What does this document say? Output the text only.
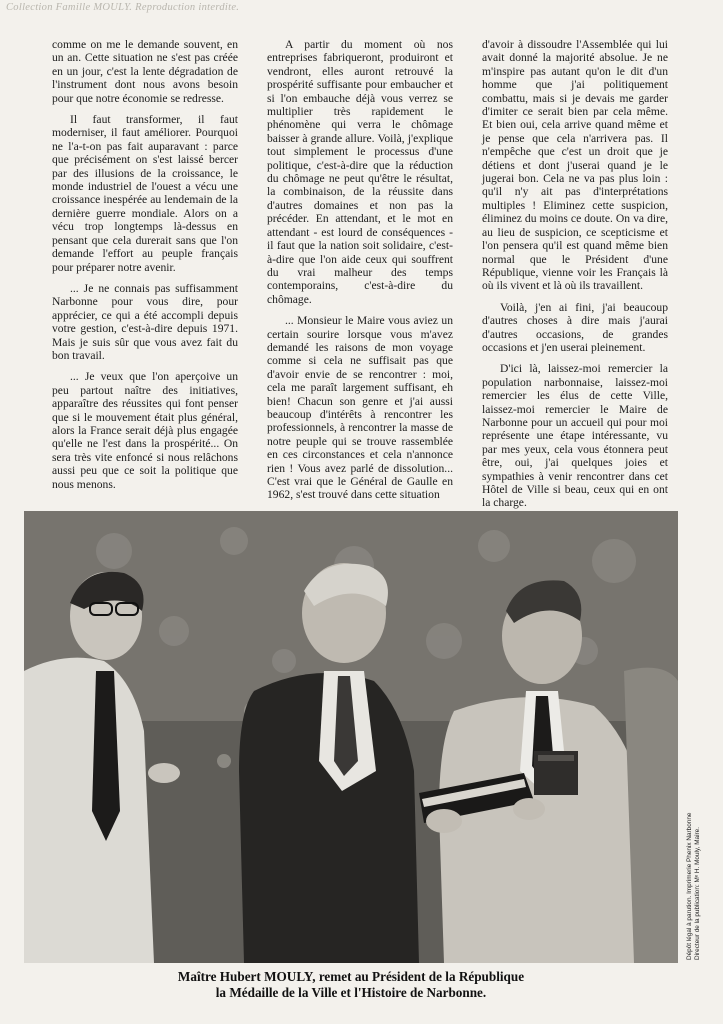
Collection Famille MOULY. Reproduction interdite.

comme on me le demande souvent, en un an. Cette situation ne s'est pas créée en un jour, c'est la lente dégradation de l'instrument dont nous avons besoin pour que notre économie se redresse.

Il faut transformer, il faut moderniser, il faut améliorer. Pourquoi ne l'a-t-on pas fait auparavant : parce que précisément on s'est laissé bercer par des illusions de la croissance, le monde industriel de l'ouest a vécu une croissance inespérée au lendemain de la dernière guerre mondiale. Alors on a vécu trop longtemps là-dessus en pensant que cela durerait sans que l'on demande l'effort au peuple français pour préparer notre avenir.

... Je ne connais pas suffisamment Narbonne pour vous dire, pour apprécier, ce qui a été accompli depuis votre gestion, c'est-à-dire depuis 1971. Mais je suis sûr que vous avez fait du bon travail.

... Je veux que l'on aperçoive un peu partout naître des initiatives, apparaître des réussites qui font penser que si le mouvement était plus général, alors la France serait déjà plus engagée qu'elle ne l'est dans la prospérité... On sera très vite enfoncé si nous relâchons aussi peu que ce soit la politique que nous menons.

A partir du moment où nos entreprises fabriqueront, produiront et vendront, elles auront retrouvé la prospérité suffisante pour embaucher et si l'on embauche déjà vous verrez se multiplier très rapidement le phénomène qui verra le chômage baisser à grande allure. Voilà, j'explique tout simplement le processus d'une politique, c'est-à-dire que la réduction du chômage ne peut qu'être le résultat, la combinaison, de la réussite dans d'autres domaines et non pas la précéder. En attendant, et le mot en attendant - est lourd de conséquences - il faut que la nation soit solidaire, c'est-à-dire que l'on aide ceux qui souffrent du vrai malheur des temps contemporains, c'est-à-dire du chômage.

... Monsieur le Maire vous aviez un certain sourire lorsque vous m'avez demandé les raisons de mon voyage comme si cela ne suffisait pas que d'avoir envie de se rencontrer : moi, cela me paraît largement suffisant, eh bien! Chacun son genre et j'ai aussi beaucoup d'intérêts à rencontrer les professionnels, à rencontrer la masse de notre peuple qui se trouve rassemblée en ces circonstances et cela n'annonce rien ! Vous avez parlé de dissolution... C'est vrai que le Général de Gaulle en 1962, s'est trouvé dans cette situation

d'avoir à dissoudre l'Assemblée qui lui avait donné la majorité absolue. Je ne m'inspire pas autant qu'on le dit d'un homme que j'ai politiquement combattu, mais si je devais me garder d'imiter ce serait bien par cela même. Et bien oui, cela arrive quand même et je pense que cela n'arrivera pas. Il n'empêche que c'est un droit que je détiens et dont j'userai quand je le jugerai bon. Cela ne va pas plus loin : qu'il n'y ait pas d'interprétations multiples ! Eliminez cette suspicion, éliminez du moins ce doute. On va dire, au lieu de suspicion, ce scepticisme et l'on pensera qu'il est quand même bien normal que le Président d'une République, vienne voir les Français là où ils vivent et là où ils travaillent.

Voilà, j'en ai fini, j'ai beaucoup d'autres choses à dire mais j'aurai d'autres occasions, de grandes occasions et j'en userai pleinement.

D'ici là, laissez-moi remercier la population narbonnaise, laissez-moi remercier les élus de cette Ville, laissez-moi remercier le Maire de Narbonne pour un accueil qui pour moi représente une étape intéressante, vu par mes yeux, cela vous étonnera peut être, oui, j'ai quelques joies et sympathies à venir rencontrer dans cet Hôtel de Ville si beau, ceux qui en ont la charge.

Dépôt légal à parution. Imprimerie Phenix Narbonne Directeur de la publication: Mᵉ H. Mouly, Maire.
Maître Hubert MOULY, remet au Président de la République
la Médaille de la Ville et l'Histoire de Narbonne.
